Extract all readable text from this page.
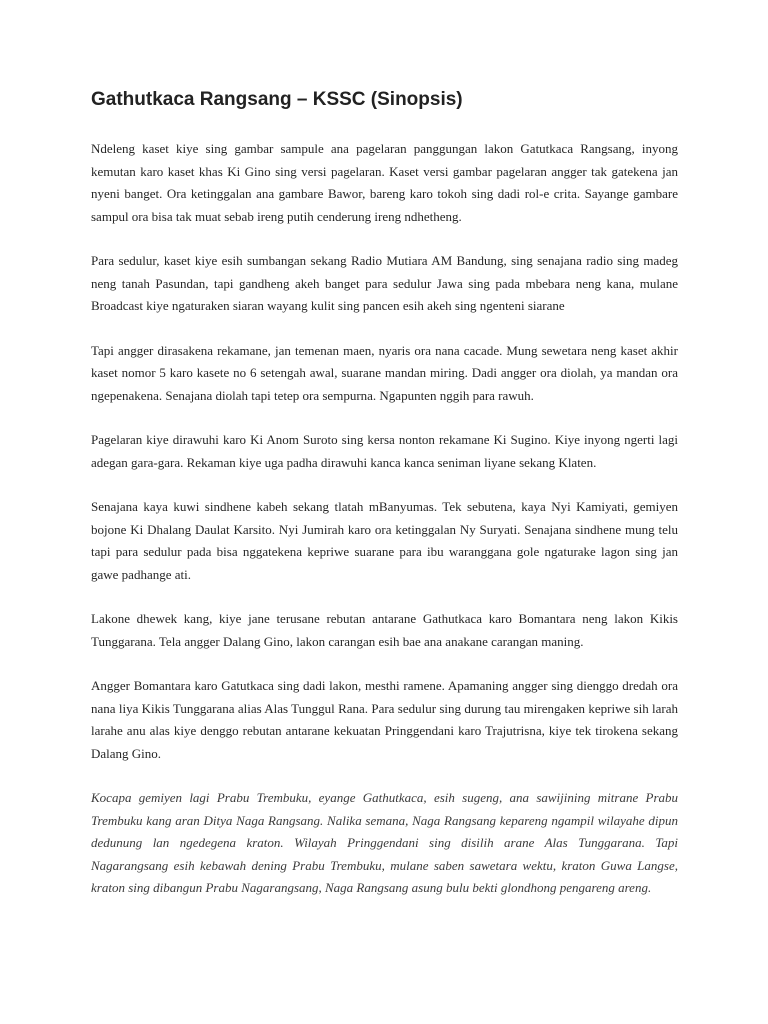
Gathutkaca Rangsang – KSSC (Sinopsis)

Ndeleng kaset kiye sing gambar sampule ana pagelaran panggungan lakon Gatutkaca Rangsang, inyong kemutan karo kaset khas Ki Gino sing versi pagelaran. Kaset versi gambar pagelaran angger tak gatekena jan nyeni banget. Ora ketinggalan ana gambare Bawor, bareng karo tokoh sing dadi rol-e crita. Sayange gambare sampul ora bisa tak muat sebab ireng putih cenderung ireng ndhetheng.

Para sedulur, kaset kiye esih sumbangan sekang Radio Mutiara AM Bandung, sing senajana radio sing madeg neng tanah Pasundan, tapi gandheng akeh banget para sedulur Jawa sing pada mbebara neng kana, mulane Broadcast kiye ngaturaken siaran wayang kulit sing pancen esih akeh sing ngenteni siarane

Tapi angger dirasakena rekamane, jan temenan maen, nyaris ora nana cacade. Mung sewetara neng kaset akhir kaset nomor 5 karo kasete no 6 setengah awal, suarane mandan miring. Dadi angger ora diolah, ya mandan ora ngepenakena. Senajana diolah tapi tetep ora sempurna. Ngapunten nggih para rawuh.

Pagelaran kiye dirawuhi karo Ki Anom Suroto sing kersa nonton rekamane Ki Sugino. Kiye inyong ngerti lagi adegan gara-gara. Rekaman kiye uga padha dirawuhi kanca kanca seniman liyane sekang Klaten.

Senajana kaya kuwi sindhene kabeh sekang tlatah mBanyumas. Tek sebutena, kaya Nyi Kamiyati, gemiyen bojone Ki Dhalang Daulat Karsito. Nyi Jumirah karo ora ketinggalan Ny Suryati. Senajana sindhene mung telu tapi para sedulur pada bisa nggatekena kepriwe suarane para ibu waranggana gole ngaturake lagon sing jan gawe padhange ati.

Lakone dhewek kang, kiye jane terusane rebutan antarane Gathutkaca karo Bomantara neng lakon Kikis Tunggarana. Tela angger Dalang Gino, lakon carangan esih bae ana anakane carangan maning.

Angger Bomantara karo Gatutkaca sing dadi lakon, mesthi ramene. Apamaning angger sing dienggo dredah ora nana liya Kikis Tunggarana alias Alas Tunggul Rana. Para sedulur sing durung tau mirengaken kepriwe sih larah larahe anu alas kiye denggo rebutan antarane kekuatan Pringgendani karo Trajutrisna, kiye tek tirokena sekang Dalang Gino.

Kocapa gemiyen lagi Prabu Trembuku, eyange Gathutkaca, esih sugeng, ana sawijining mitrane Prabu Trembuku kang aran Ditya Naga Rangsang. Nalika semana, Naga Rangsang kepareng ngampil wilayahe dipun dedunung lan ngedegena kraton. Wilayah Pringgendani sing disilih arane Alas Tunggarana. Tapi Nagarangsang esih kebawah dening Prabu Trembuku, mulane saben sawetara wektu, kraton Guwa Langse, kraton sing dibangun Prabu Nagarangsang, Naga Rangsang asung bulu bekti glondhong pengareng areng.
